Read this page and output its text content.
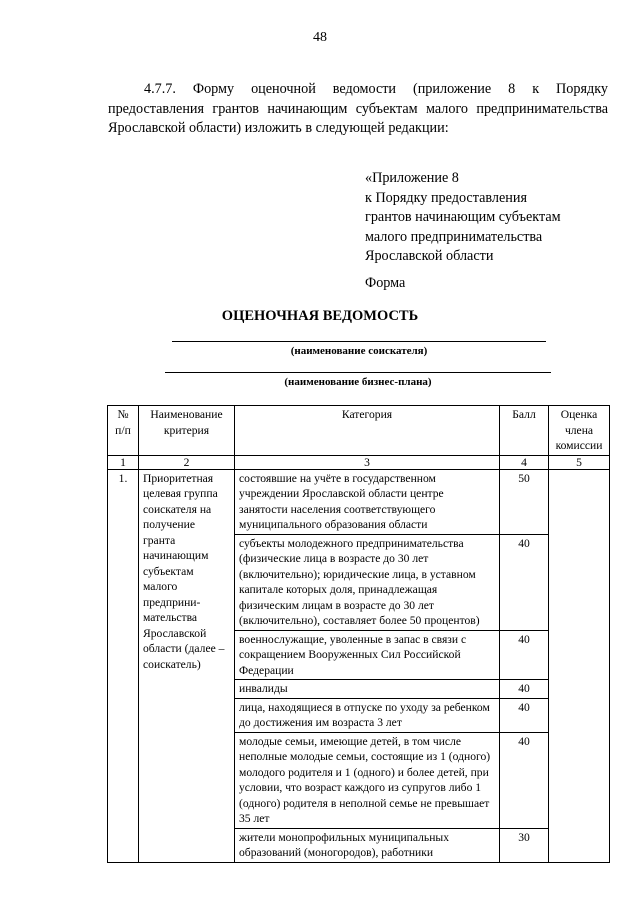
48
4.7.7. Форму оценочной ведомости (приложение 8 к Порядку предоставления грантов начинающим субъектам малого предпринимательства Ярославской области) изложить в следующей редакции:
«Приложение 8
к Порядку предоставления
грантов начинающим субъектам
малого предпринимательства
Ярославской области
Форма
ОЦЕНОЧНАЯ ВЕДОМОСТЬ
(наименование соискателя)
(наименование бизнес-плана)
№ п/п	Наименование критерия	Категория	Балл	Оценка члена комиссии
1	2	3	4	5
1.	Приоритетная целевая группа соискателя на получение гранта начинающим субъектам малого предпринимательства Ярославской области (далее – соискатель)	состоявшие на учёте в государственном учреждении Ярославской области центре занятости населения соответствующего муниципального образования области	50	
		субъекты молодежного предпринимательства (физические лица в возрасте до 30 лет (включительно); юридические лица, в уставном капитале которых доля, принадлежащая физическим лицам в возрасте до 30 лет (включительно), составляет более 50 процентов)	40	
		военнослужащие, уволенные в запас в связи с сокращением Вооруженных Сил Российской Федерации	40	
		инвалиды	40	
		лица, находящиеся в отпуске по уходу за ребенком до достижения им возраста 3 лет	40	
		молодые семьи, имеющие детей, в том числе неполные молодые семьи, состоящие из 1 (одного) молодого родителя и 1 (одного) и более детей, при условии, что возраст каждого из супругов либо 1 (одного) родителя в неполной семье не превышает 35 лет	40	
		жители монопрофильных муниципальных образований (моногородов), работники	30	
